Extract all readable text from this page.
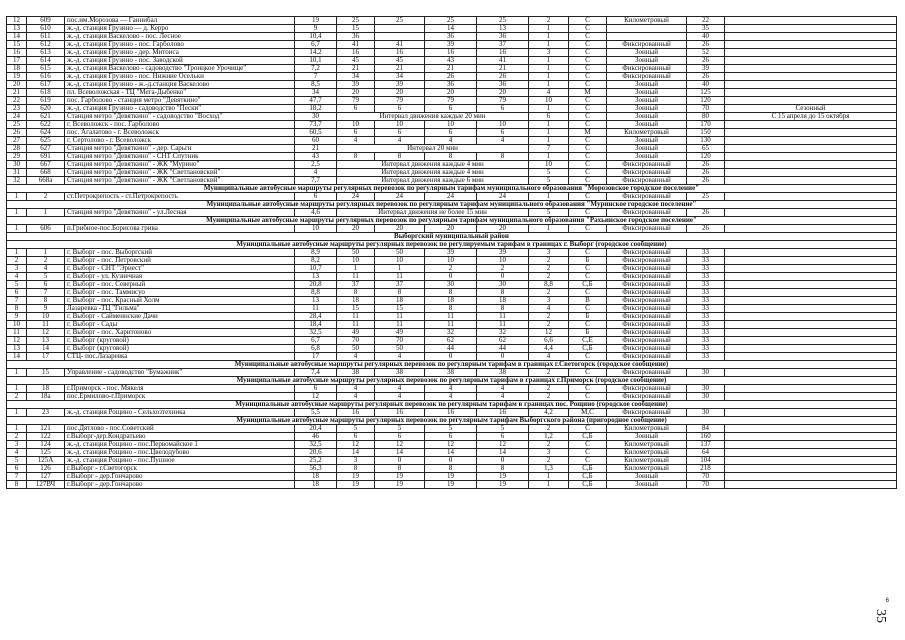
12	609	пос.им.Морозова — Ганнибал	19	25	25	25	25	2	С	Километровый	22	
13	610	ж.-д. станция Грузино — д. Керро	9	15		14	13	1	С		35	
14	611	ж.-д. станция Васкелово - пос. Лесное	10,4	36		36	36	1	С		40	
15	612	ж.-д. станция Грузино - пос. Гарболово	6,7	41	41	39	37	1	С	Фиксированный	26	
16	613	ж.-д. станция Грузино - дер. Митоиса	14,2	16	16	16	16	3	С	Зонный	52	
17	614	ж.-д. станция Грузино - пос. Заводской	10,1	45	45	43	41	1	С	Зонный	26	
18	615	ж.-д. станция Васкелово - садоводство "Троицкое Урочище"	7,2	21	21	21	21	1	С	Фиксированный	39	
19	616	ж.-д. станция Грузино - пос. Нижние Осельки	7	34	34	26	26	1	С	Фиксированный	26	
20	617	ж.-д. станция Грузино - ж.-д.станция Васкелово	8,5	39	39	36	36	1	С	Зонный	40	
21	618	пл. Всеволожская - ТЦ "Мега-Дыбенко"	34	20	20	20	20	4	М	Зонный	125	
22	619	пос. Гарболово - станция метро "Девяткино"	47,7	79	79	79	79	10	С	Зонный	120	
23	620	ж.-д. станция Грузино - садоводство "Пески"	18,2	6	6	6	6	1	С	Зонный	70	Сезонный
24	621	Станция метро "Девяткино" - садоводство "Восход"	30	Интервал движения каждые 20 мин				6	С	Зонный	80	С 15 апреля до 15 октября
25	622	г. Всеволожск - пос. Гарболово	73,7	10	10	10	10	1	С	Зонный	170	
26	624	пос. Агалатово - г. Всеволожск	60,5	6	6	6	6	1	М	Километровый	150	
27	625	г. Сертолово - г. Всеволожск	60	4	4	4	4	1	С	Зонный	130	
28	627	Станция метро "Девяткино" - дер. Сарьги	21	Интервал 20 мин				7	С	Зонный	65	
29	691	Станция метро "Девяткино" - СНТ Спутник	43	8	8	8	8	1	С	Зонный	120	
30	667	Станция метро "Девяткино" - ЖК "Мурино"	2,5	Интервал движения каждые 4 мин				10	С	Фиксированный	26	
31	668	Станция метро "Девяткино" - ЖК "Светлановский"	4	Интервал движения каждые 4 мин				5	С	Фиксированный	26	
32	668а	Станция метро "Девяткино" - ЖК "Светлановский"	7,7	Интервал движения каждые 6 мин				5	С	Фиксированный	26	
Муниципальные автобусные маршруты регулярных перевозок по регулярным тарифам муниципального образования "Морозовское городское поселение"												
1	2	ст.Петрокрепость - ст.Петрокрепость	6	24	24	24	24	1	С	Фиксированный	25	
Муниципальные автобусные маршруты регулярных перевозок по регулярным тарифам муниципального образования "Муринское городское поселение"												
1	1	Станция метро "Девяткино" - ул.Лесная	4,6	Интервал движения не более 15 мин				5	С	Фиксированный	26	
Муниципальные автобусные маршруты регулярных перевозок по регулярным тарифам муниципального образования "Рахьинское городское поселение"												
1	606	п.Грибное-пос.Борисова грива	10	20	20	20	20	1	С	Фиксированный	26	
Выборгский муниципальный район												
Муниципальные автобусные маршруты регулярных перевозок по регулируемым тарифам в границах г. Выборг (городское сообщение)												
1	1	г. Выборг - пос. Выборгский	8,9	50	50	39	39	3	С	Фиксированный	33	
2	2	г. Выборг - пос. Петровский	8,2	10	10	10	10	2	Б	Фиксированный	33	
3	4	г. Выборг - СНТ "Эрнест"	10,7	1	1	2	2	2	С	Фиксированный	33	
4	5	г. Выборг - ул. Кузнечная	13	11	11	0	0	2	С	Фиксированный	33	
5	6	г. Выборг - пос. Северный	20,8	37	37	30	30	8,8	С,Б	Фиксированный	33	
6	7	г. Выборг - пос. Таммисуо	8,8	8	8	8	8	2	С	Фиксированный	33	
7	8	г. Выборг - пос. Красный Холм	13	18	18	18	18	3	В	Фиксированный	33	
8	9	Лазаревка -ТЦ "Гильма"	11	15	15	8	8	4	С	Фиксированный	33	
9	10	г. Выборг - Саймеинские Дачи	28,4	11	11	11	11	2	Б	Фиксированный	33	
10	11	г. Выборг - Сады	18,4	11	11	11	11	2	С	Фиксированный	33	
11	12	г. Выборг - пос. Харитоново	32,5	49	49	32	32	12	Б	Фиксированный	33	
12	13	г. Выборг (круговой)	6,7	70	70	62	62	6,6	С,Е	Фиксированный	33	
13	14	г. Выборг (круговой)	6,8	50	50	44	44	4,4	С,Б	Фиксированный	33	
14	17	СТЦ- пос.Лазаревка	17	4	4	0	0	4	С	Фиксированный	33	
Муниципальные автобусные маршруты регулярных перевозок по регулярным тарифам в границах г.Светогорск (городское сообщение)												
1	15	Управление - садоводство "Бумажник"	7,4	38	38	38	38	2	С	Фиксированный	30	
Муниципальные автобусные маршруты регулярных перевозок по регулярным тарифам в границах г.Приморск (городское сообщение)												
1	18	г.Приморск - пос. Мякеля	6	4	4	4	4	2	С	Фиксированный	30	
2	18а	пос.Ермилово-г.Приморск	12	4	4	4	4	2	С	Фиксированный	30	
Муниципальные автобусные маршруты регулярных перевозок по регулярным тарифам в границах пос. Рощино (городское сообщение)												
1	23	ж.-д. станция Рощино - Сельхозтехника	5,5	16	16	16	16	4,2	М,С	Фиксированный	30	
Муниципальные автобусные маршруты регулярных перевозок по регулярным тарифам Выборгского района (пригородное сообщение)												
1	121	пос.Дятлово - пос.Советский	20,4	5	5	5	5	2	С	Километровый	84	
2	122	г.Выборг-дер.Кондратьево	46	6	6	6	6	1,2	С,Б	Зонный	160	
3	124	ж.-д. станция Рощино - пос.Первомайское 1	32,5	12	12	12	12	2	С	Километровый	137	
4	125	ж.-д. станция Рощино - пос.Цвелодубово	20,6	14	14	14	14	3	С	Километровый	64	
5	125А	ж.-д. станция Рощино - пос.Пушное	25,2	3	0	0	0	2	С	Километровый	104	
6	126	г.Выборг - г.Светогорск	56,3	8	8	8	8	1,3	С,Б	Километровый	218	
7	127	г.Выборг - дер.Гончарово	18	19	19	19	19	1	С,Б	Зонный	70	
8	127ВЧ	г.Выборг - дер.Гончарово	18	19	19	19	19	1	С,Б	Зонный	70	
6
35
